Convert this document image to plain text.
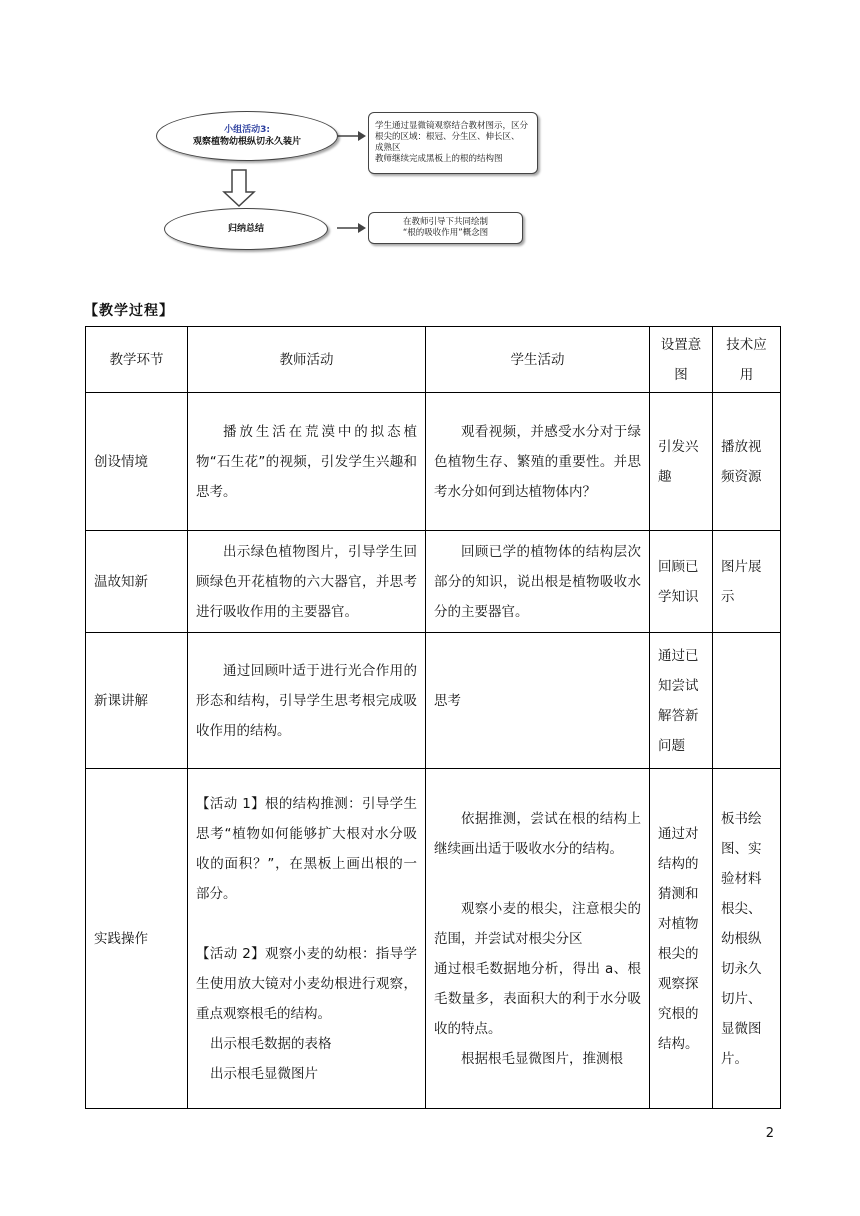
小组活动3:
观察植物幼根纵切永久装片
学生通过显微镜观察结合教材图示，区分
根尖的区域：根冠、分生区、伸长区、
成熟区
教师继续完成黑板上的根的结构图
归纳总结
在教师引导下共同绘制
“根的吸收作用”概念图
【教学过程】
教学环节	教师活动	学生活动	设置意图	技术应用
创设情境	播放生活在荒漠中的拟态植物“石生花”的视频，引发学生兴趣和思考。	观看视频，并感受水分对于绿色植物生存、繁殖的重要性。并思考水分如何到达植物体内？	引发兴趣	播放视频资源
温故知新	出示绿色植物图片，引导学生回顾绿色开花植物的六大器官，并思考进行吸收作用的主要器官。	回顾已学的植物体的结构层次部分的知识，说出根是植物吸收水分的主要器官。	回顾已学知识	图片展示
新课讲解	通过回顾叶适于进行光合作用的形态和结构，引导学生思考根完成吸收作用的结构。	思考	通过已知尝试解答新问题	
实践操作	【活动 1】根的结构推测：引导学生思考“植物如何能够扩大根对水分吸收的面积？”，在黑板上画出根的一部分。
【活动 2】观察小麦的幼根：指导学生使用放大镜对小麦幼根进行观察，重点观察根毛的结构。
出示根毛数据的表格
出示根毛显微图片	依据推测，尝试在根的结构上继续画出适于吸收水分的结构。
观察小麦的根尖，注意根尖的范围，并尝试对根尖分区
通过根毛数据地分析，得出 a、根毛数量多，表面积大的利于水分吸收的特点。
根据根毛显微图片，推测根	通过对结构的猜测和对植物根尖的观察探究根的结构。	板书绘图、实验材料根尖、幼根纵切永久切片、显微图片。
2
